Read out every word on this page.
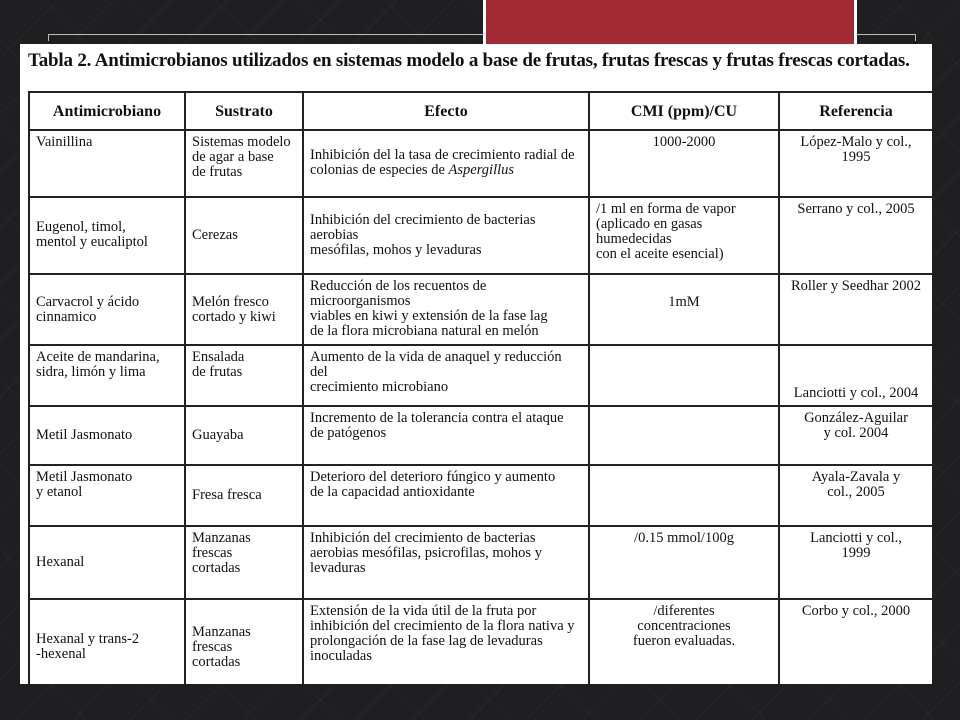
Tabla 2. Antimicrobianos utilizados en sistemas modelo a base de frutas, frutas frescas y frutas frescas cortadas.
Antimicrobiano	Sustrato	Efecto	CMI (ppm)/CU	Referencia
Vainillina	Sistemas modelo
de agar a base
de frutas	Inhibición del la tasa de crecimiento radial de
colonias de especies de Aspergillus	1000-2000	López-Malo y col., 1995
Eugenol, timol,
mentol y eucaliptol	Cerezas	Inhibición del crecimiento de bacterias aerobias
mesófilas, mohos y levaduras	/1 ml en forma de vapor
(aplicado en gasas humedecidas
con el aceite esencial)	Serrano y col., 2005
Carvacrol y ácido
cinnamico	Melón fresco
cortado y kiwi	Reducción de los recuentos de microorganismos
viables en kiwi y extensión de la fase lag
de la flora microbiana natural en melón	1mM	Roller y Seedhar 2002
Aceite de mandarina,
sidra, limón y lima	Ensalada
de frutas	Aumento de la vida de anaquel y reducción del
crecimiento microbiano		Lanciotti y col., 2004
Metil Jasmonato	Guayaba	Incremento de la tolerancia contra el ataque
de patógenos		González-Aguilar
y col. 2004
Metil Jasmonato
y etanol	Fresa fresca	Deterioro del deterioro fúngico y aumento
de la capacidad antioxidante		Ayala-Zavala y
col., 2005
Hexanal	Manzanas
frescas
cortadas	Inhibición del crecimiento de bacterias
aerobias mesófilas, psicrofilas, mohos y
levaduras	/0.15 mmol/100g	Lanciotti y col.,
1999
Hexanal y trans-2
-hexenal	Manzanas
frescas
cortadas	Extensión de la vida útil de la fruta por
inhibición del crecimiento de la flora nativa y
prolongación de la fase lag de levaduras
inoculadas	/diferentes
concentraciones
fueron evaluadas.	Corbo y col., 2000
